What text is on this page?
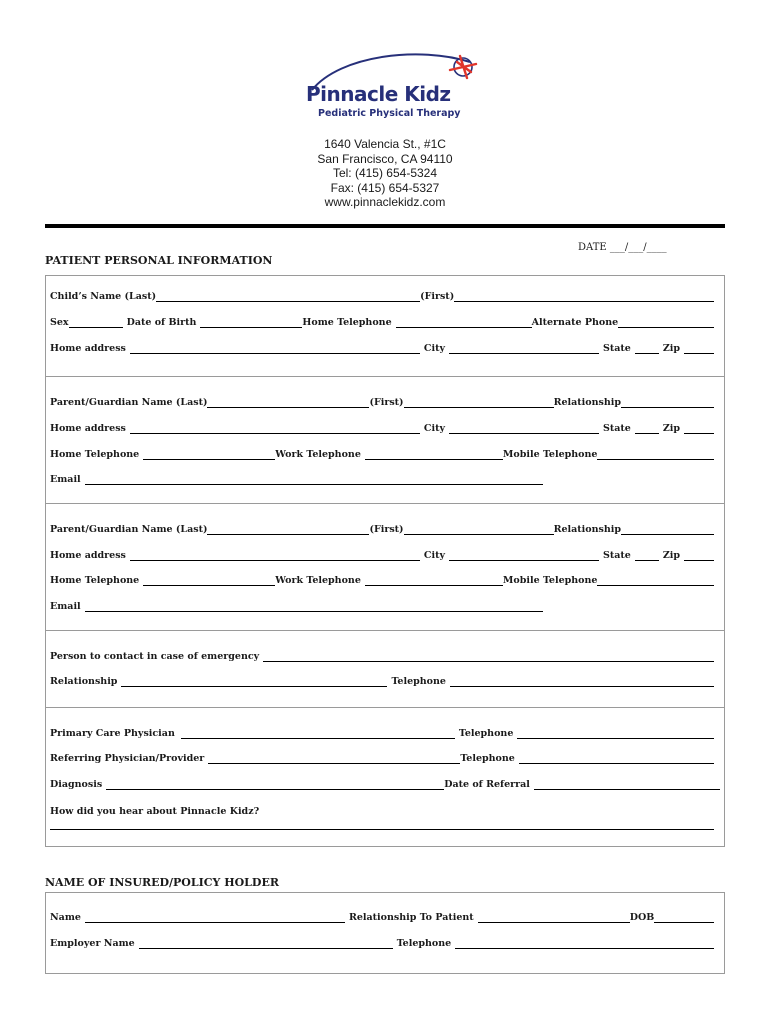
Pinnacle Kidz
Pediatric Physical Therapy
1640 Valencia St., #1C
San Francisco, CA 94110
Tel: (415) 654-5324
Fax: (415) 654-5327
www.pinnaclekidz.com
DATE ___/___/____
PATIENT PERSONAL INFORMATION
Child’s Name (Last)	(First)
Sex	Date of Birth	Home Telephone	Alternate Phone
Home address	City	State	Zip
Parent/Guardian Name (Last)	(First)	Relationship
Home address	City	State	Zip
Home Telephone	Work Telephone	Mobile Telephone
Email
Parent/Guardian Name (Last)	(First)	Relationship
Home address	City	State	Zip
Home Telephone	Work Telephone	Mobile Telephone
Email
Person to contact in case of emergency
Relationship	Telephone
Primary Care Physician	Telephone
Referring Physician/Provider	Telephone
Diagnosis	Date of Referral
How did you hear about Pinnacle Kidz?
NAME OF INSURED/POLICY HOLDER
Name	Relationship To Patient	DOB
Employer Name	Telephone
